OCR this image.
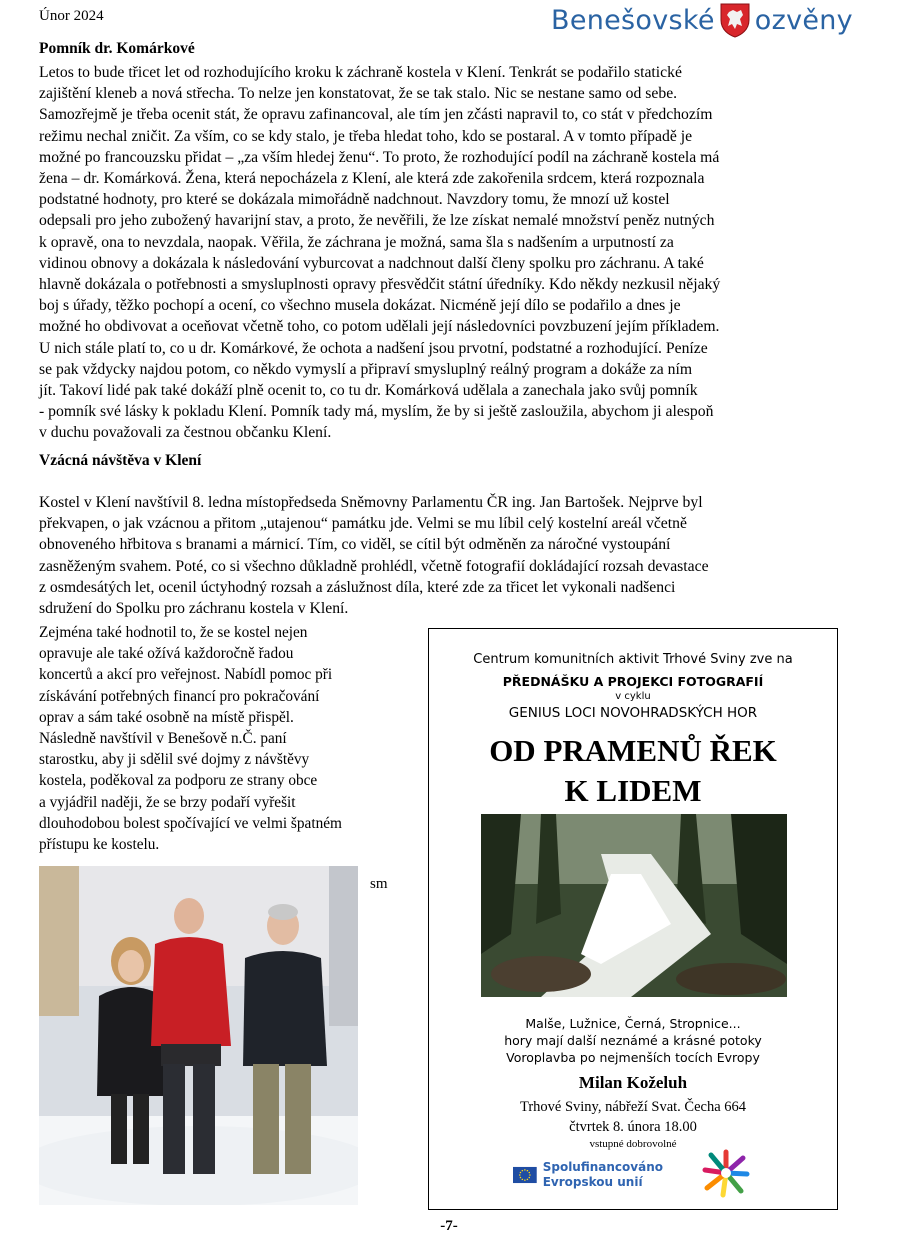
Únor 2024	Benešovské ozvěny
Pomník dr. Komárkové
Letos to bude třicet let od rozhodujícího kroku k záchraně kostela v Klení. Tenkrát se podařilo statické
zajištění kleneb a nová střecha. To nelze jen konstatovat, že se tak stalo. Nic se nestane samo od sebe.
Samozřejmě je třeba ocenit stát, že opravu zafinancoval, ale tím jen zčásti napravil to, co stát v předchozím
režimu nechal zničit. Za vším, co se kdy stalo, je třeba hledat toho, kdo se postaral. A v tomto případě je
možné po francouzsku přidat – „za vším hledej ženu“. To proto, že rozhodující podíl na záchraně kostela má
žena – dr. Komárková. Žena, která nepocházela z Klení, ale která zde zakořenila srdcem, která rozpoznala
podstatné hodnoty, pro které se dokázala mimořádně nadchnout. Navzdory tomu, že mnozí už kostel
odepsali pro jeho zubožený havarijní stav, a proto, že nevěřili, že lze získat nemalé množství peněz nutných
k opravě, ona to nevzdala, naopak. Věřila, že záchrana je možná, sama šla s nadšením a urputností za
vidinou obnovy a dokázala k následování vyburcovat a nadchnout další členy spolku pro záchranu. A také
hlavně dokázala o potřebnosti a smysluplnosti opravy přesvědčit státní úředníky. Kdo někdy nezkusil nějaký
boj s úřady, těžko pochopí a ocení, co všechno musela dokázat. Nicméně její dílo se podařilo a dnes je
možné ho obdivovat a oceňovat včetně toho, co potom udělali její následovníci povzbuzení jejím příkladem.
U nich stále platí to, co u dr. Komárkové, že ochota a nadšení jsou prvotní, podstatné a rozhodující. Peníze
se pak vždycky najdou potom, co někdo vymyslí a připraví smysluplný reálný program a dokáže za ním
jít. Takoví lidé pak také dokáží plně ocenit to, co tu dr. Komárková udělala a zanechala jako svůj pomník
- pomník své lásky k pokladu Klení. Pomník tady má, myslím, že by si ještě zasloužila, abychom ji alespoň
v duchu považovali za čestnou občanku Klení.
Vzácná návštěva v Klení
Kostel v Klení navštívil 8. ledna místopředseda Sněmovny Parlamentu ČR ing. Jan Bartošek. Nejprve byl
překvapen, o jak vzácnou a přitom „utajenou“ památku jde. Velmi se mu líbil celý kostelní areál včetně
obnoveného hřbitova s branami a márnicí. Tím, co viděl, se cítil být odměněn za náročné vystoupání
zasněženým svahem. Poté, co si všechno důkladně prohlédl, včetně fotografií dokládající rozsah devastace
z osmdesátých let, ocenil úctyhodný rozsah a záslužnost díla, které zde za třicet let vykonali nadšenci
sdružení do Spolku pro záchranu kostela v Klení.
Zejména také hodnotil to, že se kostel nejen
opravuje ale také ožívá každoročně řadou
koncertů a akcí pro veřejnost. Nabídl pomoc při
získávání potřebných financí pro pokračování
oprav a sám také osobně na místě přispěl.
Následně navštívil v Benešově n.Č. paní
starostku, aby ji sdělil své dojmy z návštěvy
kostela, poděkoval za podporu ze strany obce
a vyjádřil naději, že se brzy podaří vyřešit
dlouhodobou bolest spočívající ve velmi špatném
přístupu ke kostelu.
sm
Centrum komunitních aktivit Trhové Sviny zve na
PŘEDNÁŠKU A PROJEKCI FOTOGRAFIÍ
v cyklu
GENIUS LOCI NOVOHRADSKÝCH HOR
OD PRAMENŮ ŘEK
K LIDEM
Malše, Lužnice, Černá, Stropnice...
hory mají další neznámé a krásné potoky
Voroplavba po nejmenších tocích Evropy
Milan Koželuh
Trhové Sviny, nábřeží Svat. Čecha 664
čtvrtek 8. února 18.00
vstupné dobrovolné
Spolufinancováno
Evropskou unií
-7-
